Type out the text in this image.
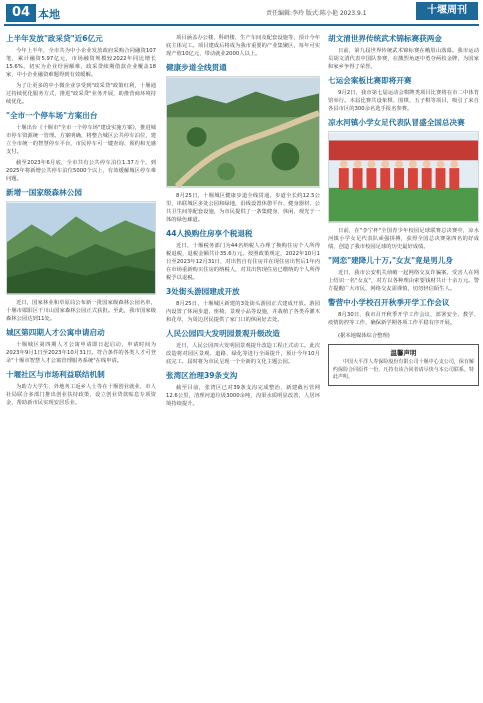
04 本地	责任编辑:李玲 版式:陈小艳 2023.9.1	十堰周刊
上半年发放"政采贷"近6亿元

今年上半年，全市共为中小企业发放政府采购合同融资107笔，累计融资5.97亿元，市场融资规模较2022年同比增长15.6%，切实为企业纾困解难，政采贷续期借款企业覆盖18家，中小企业融资难题得到有效缓解。

为了让更多的中小微企业享受到"政采贷"政策红利，十堰通过持续优化服务方式，推进"政采贷"业务开展，助推营商环境持续优化。

"全市一个停车场"方案出台

十堰出台《十堰市"全市一个停车场"建设实施方案》，推进城市停车资源统一管理。方案明确，将整合城区公共停车泊位，建立全市统一的智慧停车平台，市民停车可一键查询、预约和无感支付。

截至2023年6月底，全市共有公共停车泊位1.37万个，到2025年将新增公共停车泊位5000个以上，有效缓解城区停车难问题。

新增一国家级森林公园

近日，国家林业和草原局公布新一批国家级森林公园名单，十堰市郧阳区千川山国家森林公园正式获批。至此，我市国家级森林公园达到11处。

城区第四期人才公寓申请启动

十堰城区第四期人才公寓申请即日起启动，申请时间为2023年9月1日至2023年10月31日。符合条件的各类人才可登录"十堰市智慧人才公寓管理服务系统"在线申请。

十堰社区与市场利益联结机制

为助力大学生、外地务工返乡人士等在十堰创业就业，市人社局联合多部门推出创业扶持政策，设立创业贷款贴息专项资金，帮助新市民实现安居乐业。

项目涵盖办公楼、科研楼、生产车间及配套设施等，预计今年底主体完工。项目建成后将成为我市重要的产业集聚区，每年可实现产值10亿元，带动就业2000人以上。

健康步道全线贯通

8月25日，十堰城区健康步道全线贯通。步道全长约12.5公里，串联城区多处公园和绿地，沿线设置休憩平台、健身器材、公共卫生间等配套设施，为市民提供了一条集健身、休闲、观光于一体的绿色廊道。

44人换购住房享个税退税

近日，十堰税务部门为44名纳税人办理了换购住房个人所得税退税，退税金额共计35.6万元。按照政策规定，2022年10月1日至2023年12月31日，对出售自有住房并在现住房出售后1年内在市场重新购买住房的纳税人，对其出售现住房已缴纳的个人所得税予以退税。

3处街头游园建成开放

8月25日，十堰城区新建的3处街头游园正式建成开放。游园内设置了休闲步道、座椅、景观小品等设施，并栽植了各类乔灌木和花草，为周边居民提供了家门口的休闲好去处。

人民公园四大发明园景观升级改造

近日，人民公园四大发明园景观提升改造工程正式动工。此次改造将对园区景观、道路、绿化等进行全面提升，预计今年10月底完工，届时将为市民呈现一个全新的文化主题公园。

张湾区治理39条支沟

截至目前，张湾区已对39条支沟完成整治，新建截污管网12.6公里，清理河道垃圾3000余吨，沟渠水质明显改善，人居环境持续提升。

胡文清世界传统武术锦标赛获两金

日前，第九届世界传统武术锦标赛在峨眉山落幕。我市运动员胡文清代表中国队参赛，在激烈角逐中勇夺两枚金牌，为国家和家乡争得了荣誉。

七运会案板比赛即将开赛

9月2日，我市第七届运动会棋牌类项目比赛将在市二中体育馆举行。本届比赛共设象棋、围棋、五子棋等项目，吸引了来自各县市区的300余名选手报名参赛。

凉水河镇小学女足代表队冒盛全国总决赛

日前，在"李宁杯"全国青少年校园足球联赛总决赛中，凉水河镇小学女足代表队顽强拼搏，获得全国总决赛第四名的好成绩，创造了我市校园足球的历史最好成绩。

"网恋"建降儿十万,"女友"竟是男儿身

近日，我市公安机关侦破一起网络交友诈骗案。受害人在网上结识一名"女友"，对方以各种理由索要钱财共计十余万元。警方提醒广大市民，网络交友需谨慎，切勿轻信陌生人。

警营中小学校召开秋季开学工作会议

8月30日，我市召开秋季开学工作会议，部署安全、教学、疫情防控等工作，确保新学期各项工作平稳有序开展。

(据本地媒体综合整理)

温馨声明

中国大平洋人寿保险股份有限公司十堰中心支公司，保有解约保险合同原件一份，凡持有该合同者请尽快与本公司联系，特此声明。
